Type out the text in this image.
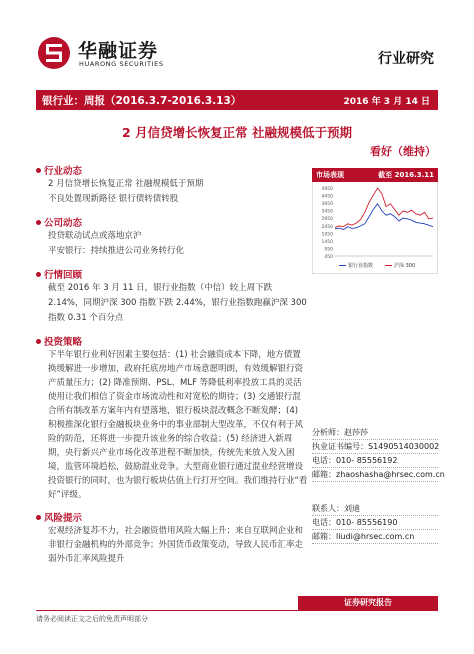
华融证券
HUARONG SECURITIES	行业研究
银行业：周报（2016.3.7-2016.3.13）	2016 年 3 月 14 日
2 月信贷增长恢复正常 社融规模低于预期
看好（维持）
行业动态

2 月信贷增长恢复正常 社融规模低于预期

不良处置现新路径 银行债转债转股

公司动态

投贷联动试点或落地京沪

平安银行：持续推进公司业务转行化

行情回顾

截至 2016 年 3 月 11 日，银行业指数（中信）较上周下跌 2.14%，同期沪深 300 指数下跌 2.44%，银行业指数跑赢沪深 300 指数 0.31 个百分点

投资策略

下半年银行业利好因素主要包括：(1) 社会融资成本下降，地方债置换缓解进一步增加，政府托底房地产市场意愿明朗，有效缓解银行资产质量压力；(2) 降准预期、PSL、MLF 等降低利率投放工具的灵活使用让我们相信了资金市场流动性和对宽松的期待；(3) 交通银行混合所有制改革方案年内有望落地，银行板块混改概念不断发酵；(4) 积极推深化银行金融板块业务中的事业部制大型改革，不仅有利于风险的防范，还将进一步提升该业务的综合收益；(5) 经济进入新周期，央行新兴产业市场化改革进程不断加快，传统先来放入发入困境，监管环境趋松，鼓励混业竞争。大型商业银行通过混业经营增设投资银行的同时，也为银行板块估值上行打开空间。我们维持行业“看好”评级。

风险提示

宏观经济复苏不力，社会融资借用风险大幅上升；来自互联网企业和非银行金融机构的外部竞争；外国货币政策变动，导致人民币汇率走弱外币汇率风险提升

市场表现	截至 2016.3.11
4950
4450
3950
3450
2950
2450
1950
1450
950
450
银行业指数	沪深 300
分析师：赵莎莎
执业证书编号：S1490514030002
电话：010- 85556192
邮箱：zhaoshasha@hrsec.com.cn
联系人：刘迪
电话：010- 85556190
邮箱：liudi@hrsec.com.cn
证券研究报告
请务必阅读正文之后的免责声明部分
